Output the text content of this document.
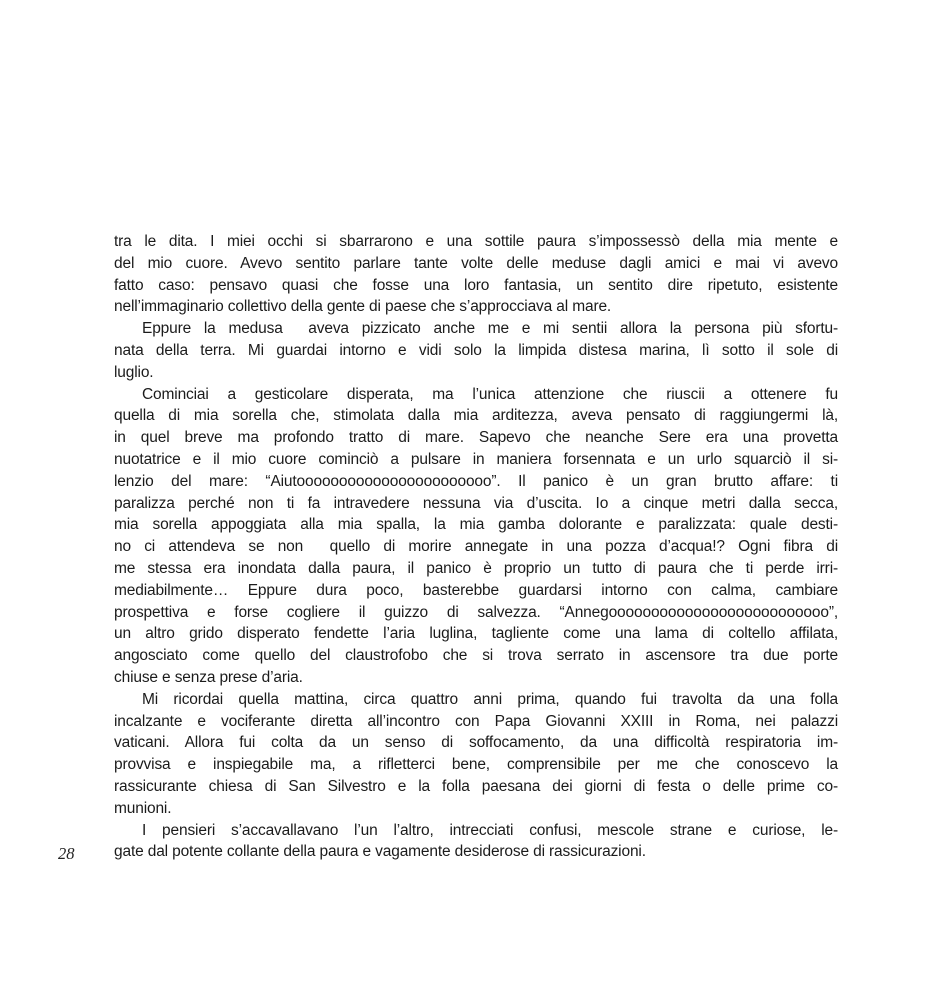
28
tra le dita. I miei occhi si sbarrarono e una sottile paura s’impossessò della mia mente e
del mio cuore. Avevo sentito parlare tante volte delle meduse dagli amici e mai vi avevo
fatto caso: pensavo quasi che fosse una loro fantasia, un sentito dire ripetuto, esistente
nell’immaginario collettivo della gente di paese che s’approcciava al mare.
Eppure la medusa  aveva pizzicato anche me e mi sentii allora la persona più sfortu-
nata della terra. Mi guardai intorno e vidi solo la limpida distesa marina, lì sotto il sole di
luglio.
Cominciai a gesticolare disperata, ma l’unica attenzione che riuscii a ottenere fu
quella di mia sorella che, stimolata dalla mia arditezza, aveva pensato di raggiungermi là,
in quel breve ma profondo tratto di mare. Sapevo che neanche Sere era una provetta
nuotatrice e il mio cuore cominciò a pulsare in maniera forsennata e un urlo squarciò il si-
lenzio del mare: “Aiutooooooooooooooooooooooo”. Il panico è un gran brutto affare: ti
paralizza perché non ti fa intravedere nessuna via d’uscita. Io a cinque metri dalla secca,
mia sorella appoggiata alla mia spalla, la mia gamba dolorante e paralizzata: quale desti-
no ci attendeva se non  quello di morire annegate in una pozza d’acqua!? Ogni fibra di
me stessa era inondata dalla paura, il panico è proprio un tutto di paura che ti perde irri-
mediabilmente… Eppure dura poco, basterebbe guardarsi intorno con calma, cambiare
prospettiva e forse cogliere il guizzo di salvezza. “Annegoooooooooooooooooooooooooo”,
un altro grido disperato fendette l’aria luglina, tagliente come una lama di coltello affilata,
angosciato come quello del claustrofobo che si trova serrato in ascensore tra due porte
chiuse e senza prese d’aria.
Mi ricordai quella mattina, circa quattro anni prima, quando fui travolta da una folla
incalzante e vociferante diretta all’incontro con Papa Giovanni XXIII in Roma, nei palazzi
vaticani. Allora fui colta da un senso di soffocamento, da una difficoltà respiratoria im-
provvisa e inspiegabile ma, a rifletterci bene, comprensibile per me che conoscevo la
rassicurante chiesa di San Silvestro e la folla paesana dei giorni di festa o delle prime co-
munioni.
I pensieri s’accavallavano l’un l’altro, intrecciati confusi, mescole strane e curiose, le-
gate dal potente collante della paura e vagamente desiderose di rassicurazioni.
